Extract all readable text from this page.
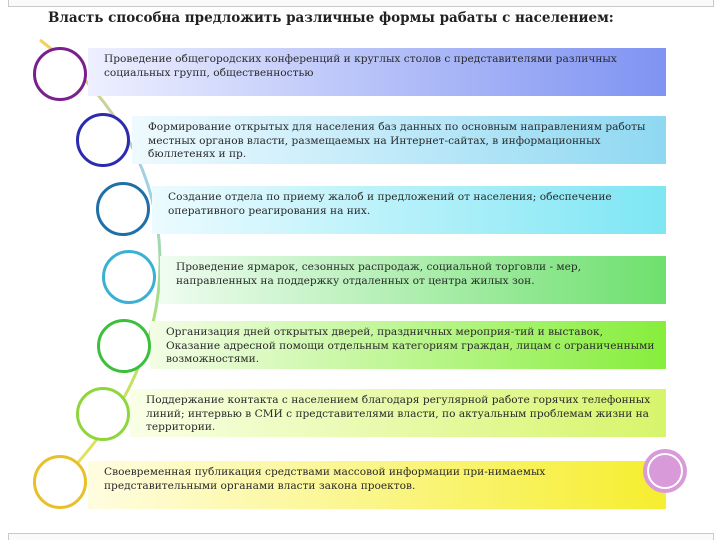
Власть способна предложить различные формы рабаты с населением:
Проведение общегородских конференций и круглых столов с представителями различных социальных групп, общественностью
Формирование открытых для населения баз данных по основным направлениям работы местных органов власти, размещаемых на Интернет-сайтах, в информационных бюллетенях и пр.
Создание отдела по приему жалоб и предложений от населения; обеспечение оперативного реагирования на них.
Проведение ярмарок, сезонных распродаж, социальной торговли - мер, направленных на поддержку отдаленных от центра жилых зон.
Организация дней открытых дверей, праздничных мероприя-тий и выставок, Оказание адресной помощи отдельным категориям граждан, лицам с ограниченными возможностями.
Поддержание контакта с населением благодаря регулярной работе горячих телефонных линий; интервью в СМИ с представителями власти, по актуальным проблемам жизни на территории.
Своевременная публикация средствами массовой информации при-нимаемых представительными органами власти закона проектов.
